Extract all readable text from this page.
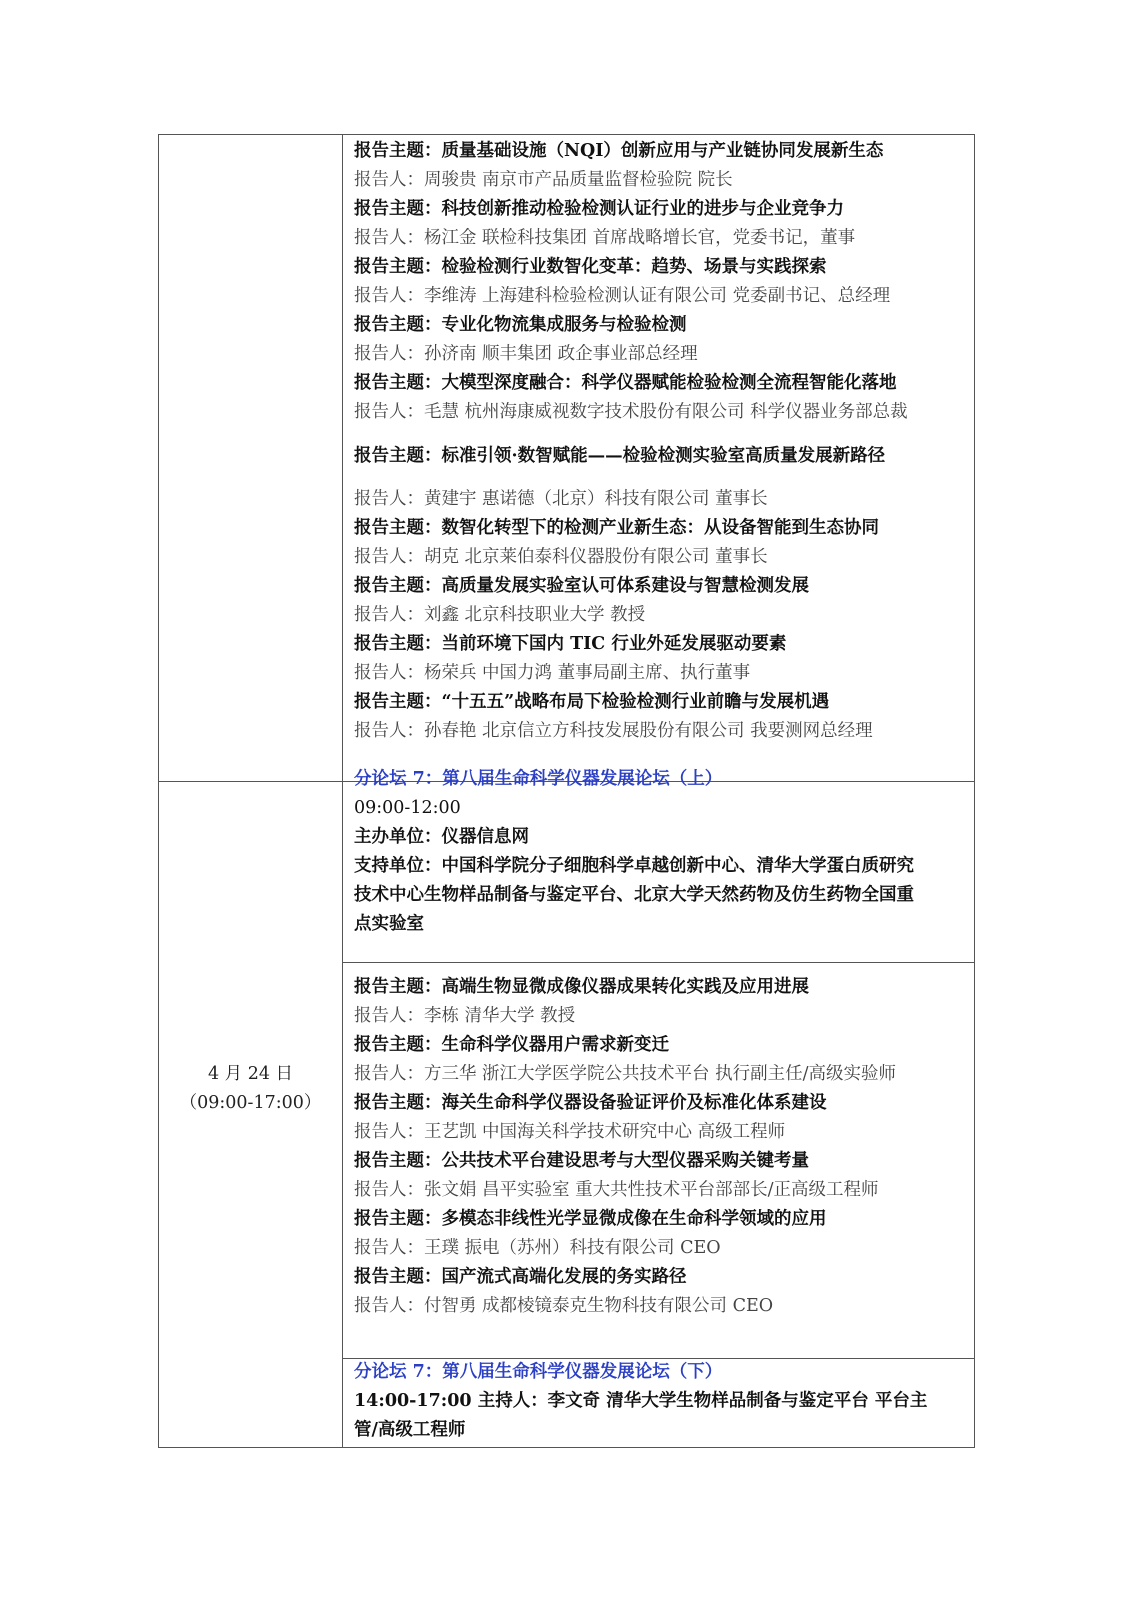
报告主题：质量基础设施（NQI）创新应用与产业链协同发展新生态
报告人：周骏贵 南京市产品质量监督检验院 院长
报告主题：科技创新推动检验检测认证行业的进步与企业竞争力
报告人：杨江金 联检科技集团 首席战略增长官，党委书记，董事
报告主题：检验检测行业数智化变革：趋势、场景与实践探索
报告人：李维涛 上海建科检验检测认证有限公司 党委副书记、总经理
报告主题：专业化物流集成服务与检验检测
报告人：孙济南 顺丰集团 政企事业部总经理
报告主题：大模型深度融合：科学仪器赋能检验检测全流程智能化落地
报告人：毛慧 杭州海康威视数字技术股份有限公司 科学仪器业务部总裁
报告主题：标准引领·数智赋能——检验检测实验室高质量发展新路径
报告人：黄建宇 惠诺德（北京）科技有限公司 董事长
报告主题：数智化转型下的检测产业新生态：从设备智能到生态协同
报告人：胡克 北京莱伯泰科仪器股份有限公司 董事长
报告主题：高质量发展实验室认可体系建设与智慧检测发展
报告人：刘鑫 北京科技职业大学 教授
报告主题：当前环境下国内 TIC 行业外延发展驱动要素
报告人：杨荣兵 中国力鸿 董事局副主席、执行董事
报告主题：“十五五”战略布局下检验检测行业前瞻与发展机遇
报告人：孙春艳 北京信立方科技发展股份有限公司 我要测网总经理
4 月 24 日
（09:00-17:00）
分论坛 7：第八届生命科学仪器发展论坛（上）
09:00-12:00
主办单位：仪器信息网
支持单位：中国科学院分子细胞科学卓越创新中心、清华大学蛋白质研究
技术中心生物样品制备与鉴定平台、北京大学天然药物及仿生药物全国重
点实验室
报告主题：高端生物显微成像仪器成果转化实践及应用进展
报告人：李栋 清华大学 教授
报告主题：生命科学仪器用户需求新变迁
报告人：方三华 浙江大学医学院公共技术平台 执行副主任/高级实验师
报告主题：海关生命科学仪器设备验证评价及标准化体系建设
报告人：王艺凯 中国海关科学技术研究中心 高级工程师
报告主题：公共技术平台建设思考与大型仪器采购关键考量
报告人：张文娟 昌平实验室 重大共性技术平台部部长/正高级工程师
报告主题：多模态非线性光学显微成像在生命科学领域的应用
报告人：王璞 振电（苏州）科技有限公司 CEO
报告主题：国产流式高端化发展的务实路径
报告人：付智勇 成都棱镜泰克生物科技有限公司 CEO
分论坛 7：第八届生命科学仪器发展论坛（下）
14:00-17:00 主持人：李文奇 清华大学生物样品制备与鉴定平台 平台主
管/高级工程师
